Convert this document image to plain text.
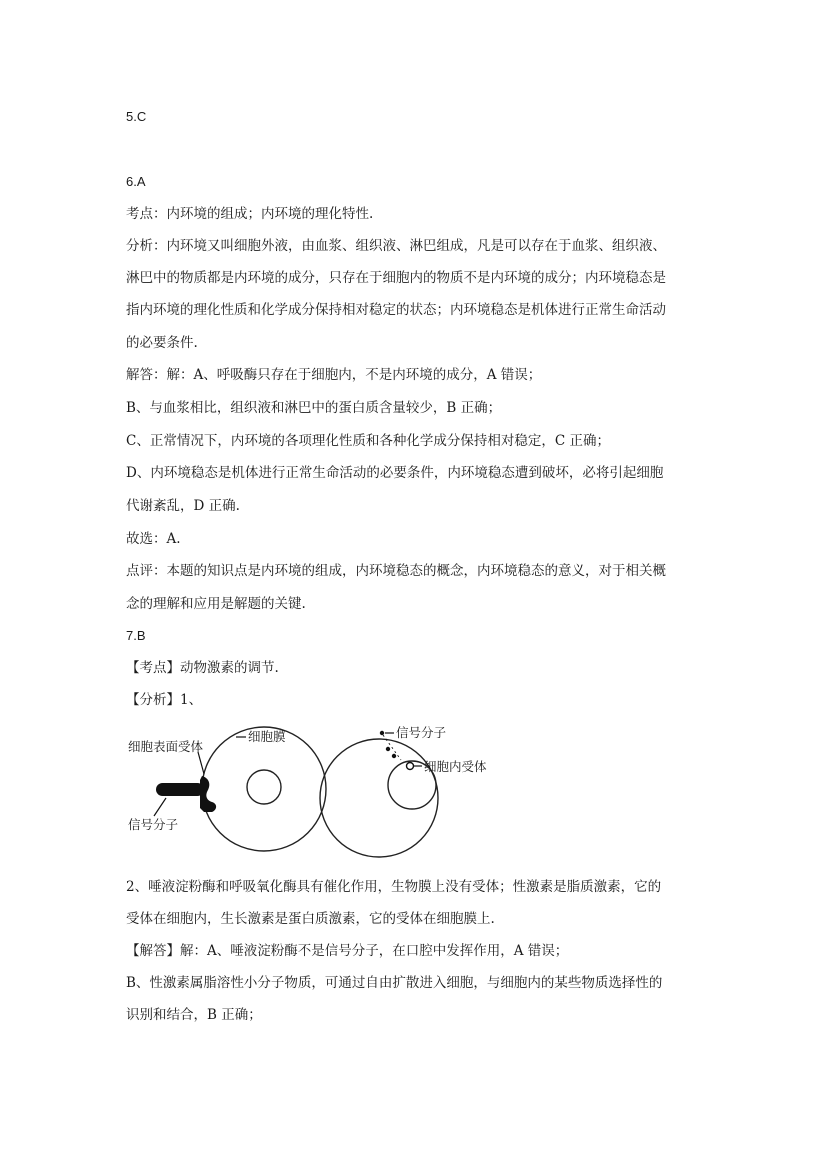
5.C
6.A
考点：内环境的组成；内环境的理化特性.
分析：内环境又叫细胞外液，由血浆、组织液、淋巴组成，凡是可以存在于血浆、组织液、
淋巴中的物质都是内环境的成分，只存在于细胞内的物质不是内环境的成分；内环境稳态是
指内环境的理化性质和化学成分保持相对稳定的状态；内环境稳态是机体进行正常生命活动
的必要条件.
解答：解：A、呼吸酶只存在于细胞内，不是内环境的成分，A 错误；
B、与血浆相比，组织液和淋巴中的蛋白质含量较少，B 正确；
C、正常情况下，内环境的各项理化性质和各种化学成分保持相对稳定，C 正确；
D、内环境稳态是机体进行正常生命活动的必要条件，内环境稳态遭到破坏，必将引起细胞
代谢紊乱，D 正确.
故选：A.
点评：本题的知识点是内环境的组成，内环境稳态的概念，内环境稳态的意义，对于相关概
念的理解和应用是解题的关键.
7.B
【考点】动物激素的调节.
【分析】1、
细胞表面受体
细胞膜
信号分子
信号分子
细胞内受体
2、唾液淀粉酶和呼吸氧化酶具有催化作用，生物膜上没有受体；性激素是脂质激素，它的
受体在细胞内，生长激素是蛋白质激素，它的受体在细胞膜上.
【解答】解：A、唾液淀粉酶不是信号分子，在口腔中发挥作用，A 错误；
B、性激素属脂溶性小分子物质，可通过自由扩散进入细胞，与细胞内的某些物质选择性的
识别和结合，B 正确；
